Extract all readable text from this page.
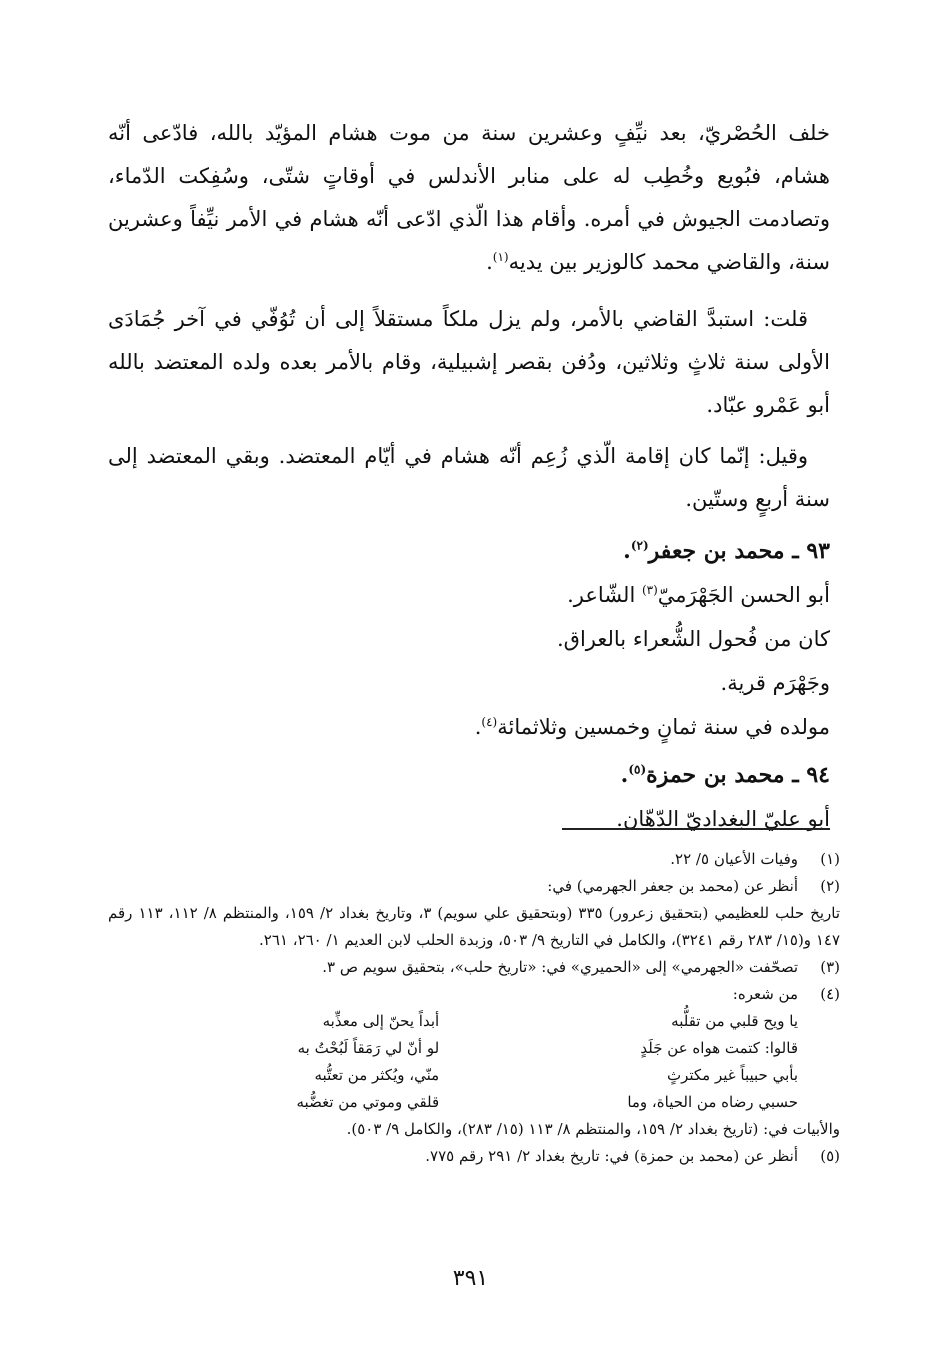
خلف الحُصْريّ، بعد نيِّفٍ وعشرين سنة من موت هشام المؤيّد بالله، فادّعى أنّه هشام، فبُويع وخُطِب له على منابر الأندلس في أوقاتٍ شتّى، وسُفِكت الدّماء، وتصادمت الجيوش في أمره. وأقام هذا الّذي ادّعى أنّه هشام في الأمر نيِّفاً وعشرين سنة، والقاضي محمد كالوزير بين يديه$^{(١)}$.

قلت: استبدَّ القاضي بالأمر، ولم يزل ملكاً مستقلاً إلى أن تُوُفّي في آخر جُمَادَى الأولى سنة ثلاثٍ وثلاثين، ودُفن بقصر إشبيلية، وقام بالأمر بعده ولده المعتضد بالله أبو عَمْرو عبّاد.

وقيل: إنّما كان إقامة الّذي زُعِم أنّه هشام في أيّام المعتضد. وبقي المعتضد إلى سنة أربعٍ وستّين.

٩٣ ـ محمد بن جعفر$^{(٢)}$.

أبو الحسن الجَهْرَميّ$^{(٣)}$ الشّاعر.

كان من فُحول الشُّعراء بالعراق.

وجَهْرَم قرية.

مولده في سنة ثمانٍ وخمسين وثلاثمائة$^{(٤)}$.

٩٤ ـ محمد بن حمزة$^{(٥)}$.

أبو عليّ البغداديّ الدّهّان.

(١)
وفيات الأعيان ٥/ ٢٢.

(٢)
أنظر عن (محمد بن جعفر الجهرمي) في:

تاريخ حلب للعظيمي (بتحقيق زعرور) ٣٣٥ (وبتحقيق علي سويم) ٣، وتاريخ بغداد ٢/ ١٥٩، والمنتظم ٨/ ١١٢، ١١٣ رقم ١٤٧ و(١٥/ ٢٨٣ رقم ٣٢٤١)، والكامل في التاريخ ٩/ ٥٠٣، وزبدة الحلب لابن العديم ١/ ٢٦٠، ٢٦١.

(٣)
تصحّفت «الجهرمي» إلى «الحميري» في: «تاريخ حلب»، بتحقيق سويم ص ٣.

(٤)
من شعره:

يا ويح قلبي من تقلُّبه
أبداً يحنّ إلى معذِّبه
قالوا: كتمت هواه عن جَلَدٍ
لو أنّ لي رَمَقاً لَبُحْتُ به
بأبي حبيباً غير مكترثٍ
منّي، ويُكثر من تعتُّبه
حسبي رضاه من الحياة، وما
قلقي وموتي من تغضُّبه

والأبيات في: (تاريخ بغداد ٢/ ١٥٩، والمنتظم ٨/ ١١٣ (١٥/ ٢٨٣)، والكامل ٩/ ٥٠٣).

(٥)
أنظر عن (محمد بن حمزة) في: تاريخ بغداد ٢/ ٢٩١ رقم ٧٧٥.

٣٩١
